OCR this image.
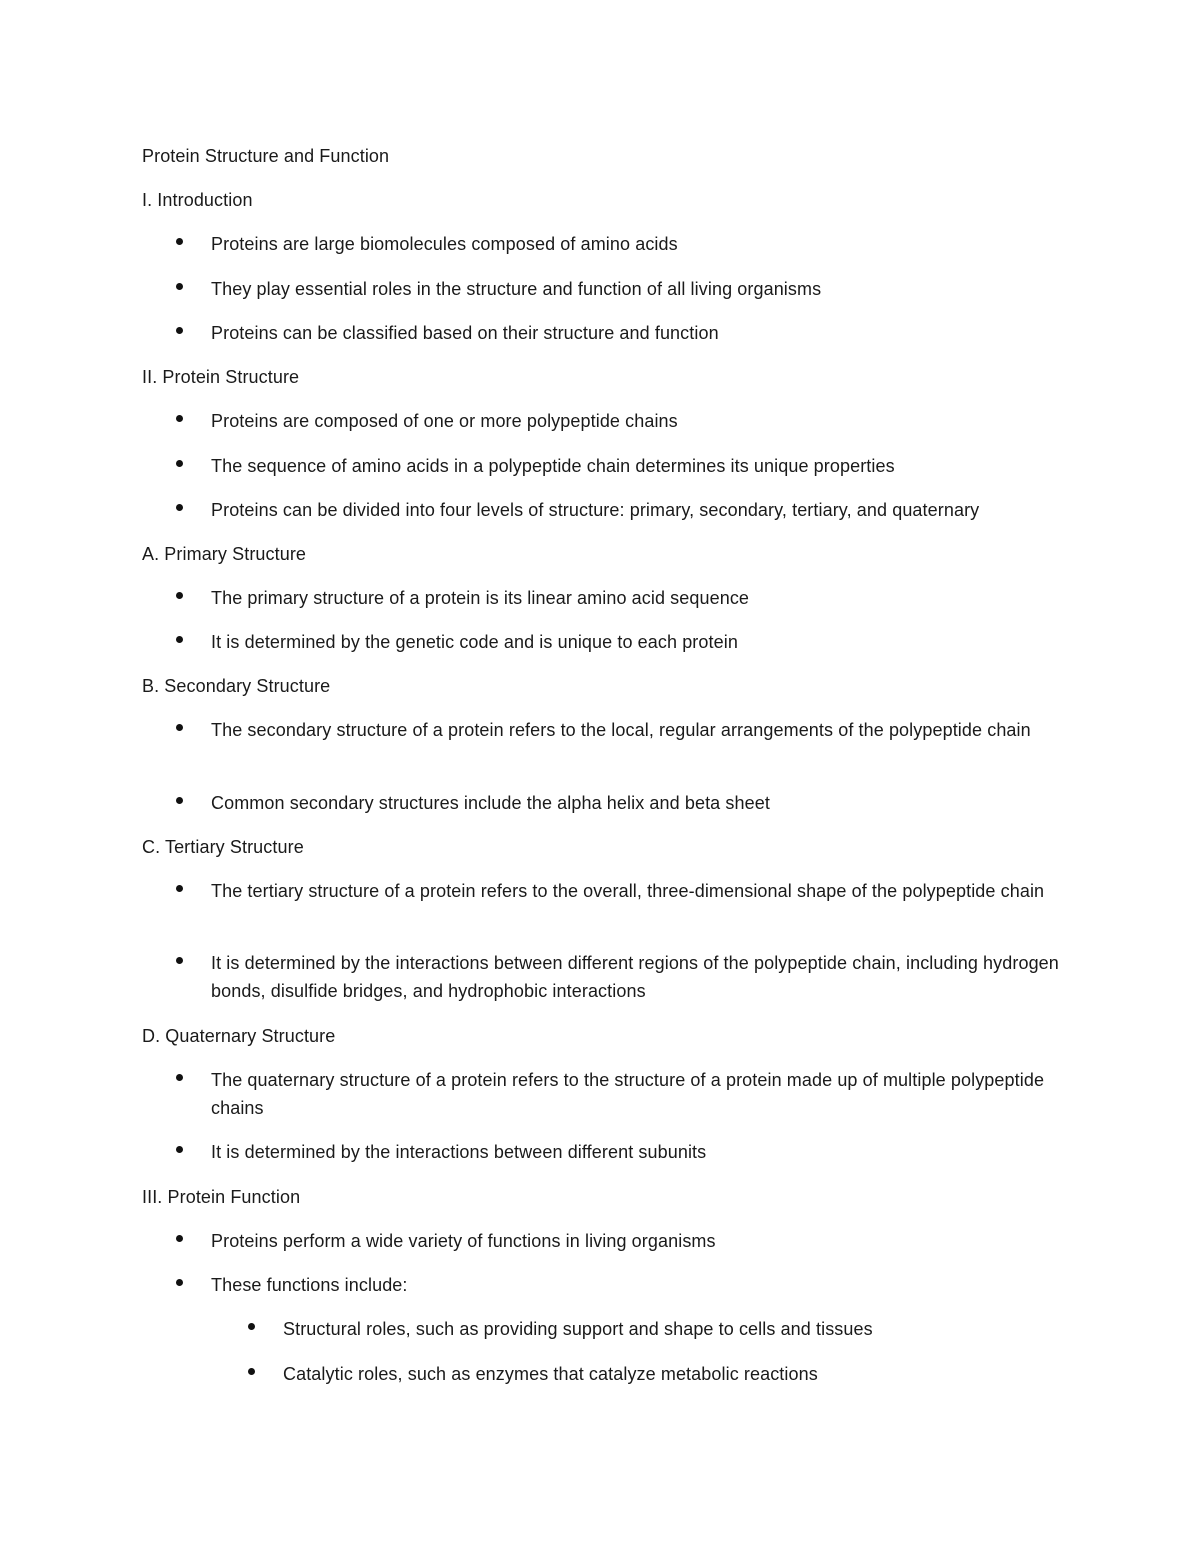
Protein Structure and Function
I. Introduction
Proteins are large biomolecules composed of amino acids
They play essential roles in the structure and function of all living organisms
Proteins can be classified based on their structure and function
II. Protein Structure
Proteins are composed of one or more polypeptide chains
The sequence of amino acids in a polypeptide chain determines its unique properties
Proteins can be divided into four levels of structure: primary, secondary, tertiary, and quaternary
A. Primary Structure
The primary structure of a protein is its linear amino acid sequence
It is determined by the genetic code and is unique to each protein
B. Secondary Structure
The secondary structure of a protein refers to the local, regular arrangements of the polypeptide chain
Common secondary structures include the alpha helix and beta sheet
C. Tertiary Structure
The tertiary structure of a protein refers to the overall, three-dimensional shape of the polypeptide chain
It is determined by the interactions between different regions of the polypeptide chain, including hydrogen bonds, disulfide bridges, and hydrophobic interactions
D. Quaternary Structure
The quaternary structure of a protein refers to the structure of a protein made up of multiple polypeptide chains
It is determined by the interactions between different subunits
III. Protein Function
Proteins perform a wide variety of functions in living organisms
These functions include:
Structural roles, such as providing support and shape to cells and tissues
Catalytic roles, such as enzymes that catalyze metabolic reactions
